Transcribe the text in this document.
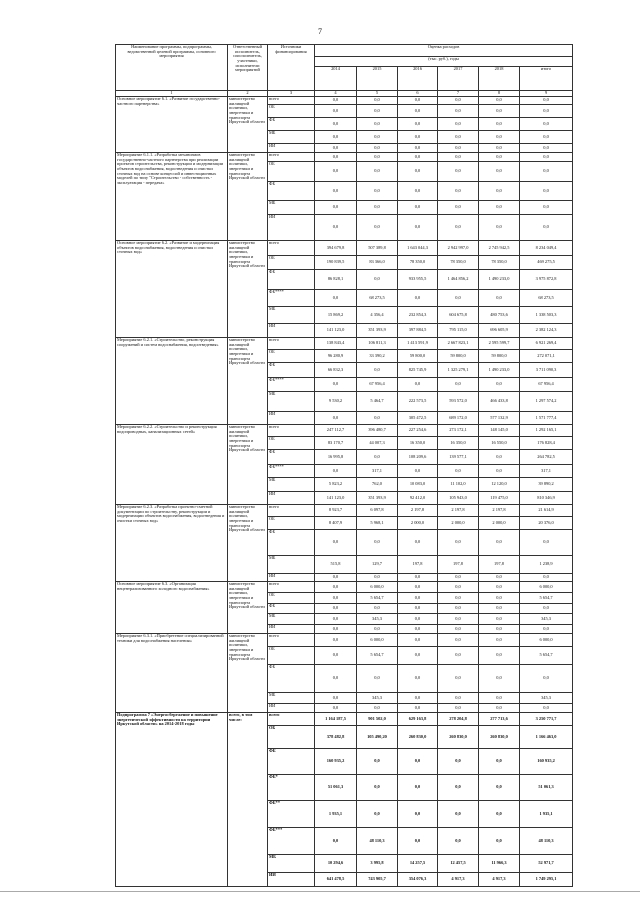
7
Наименование программы, подпрограммы, ведомственной целевой программы, основного мероприятия	Ответственный исполнитель, соисполнитель, участники, исполнители мероприятий	Источники финансирования	Оценка расходов					
			(тыс. руб.), годы					
			2014	2015	2016	2017	2018	итого
1	2	3	4	5	6	7	8	9
Основное мероприятие 6.1. «Развитие государственно-частного партнерства»	министерство жилищной политики, энергетики и транспорта Иркутской области	всего	0,0	0,0	0,0	0,0	0,0	0,0
		ОБ	0,0	0,0	0,0	0,0	0,0	0,0
		ФБ	0,0	0,0	0,0	0,0	0,0	0,0
		МБ	0,0	0,0	0,0	0,0	0,0	0,0
		ИИ	0,0	0,0	0,0	0,0	0,0	0,0
Мероприятие 6.1.1. «Разработка механизмов государственно-частного партнерства при реализации проектов строительства, реконструкции и модернизации объектов водоснабжения, водоотведения и очистки сточных вод на основе концессий и инвестиционных моделей по типу "Строительство - собственность - эксплуатация - передача»	министерство жилищной политики, энергетики и транспорта Иркутской области	всего	0,0	0,0	0,0	0,0	0,0	0,0
		ОБ	0,0	0,0	0,0	0,0	0,0	0,0
		ФБ	0,0	0,0	0,0	0,0	0,0	0,0
		МБ	0,0	0,0	0,0	0,0	0,0	0,0
		ИИ	0,0	0,0	0,0	0,0	0,0	0,0
Основное мероприятие 6.2. «Развитие и модернизация объектов водоснабжения, водоотведения и очистки сточных вод»	министерство жилищной политики, энергетики и транспорта Иркутской области	всего	394 679,8	507 389,8	1 643 044,3	2 942 997,0	2 745 942,5	8 234 049,4
		ОБ	190 839,5	83 366,0	78 350,0	78 350,0	78 350,0	469 275,5
		ФБ	86 828,1	0,0	933 955,5	1 464 856,2	1 490 233,0	3 975 872,8
		ФБ****	0,0	68 273,5	0,0	0,0	0,0	68 273,5
		МБ	15 869,2	4 356,4	232 854,3	604 675,8	480 753,6	1 338 503,3
		ИИ	141 123,0	351 393,9	397 884,5	795 115,0	696 605,9	2 382 124,3
Мероприятие 6.2.1. «Строительство, реконструкция сооружений и систем водоснабжения, водоотведения»	министерство жилищной политики, энергетики и транспорта Иркутской области	всего	138 843,4	106 811,3	1 413 591,9	2 667 823,1	2 595 599,7	6 921 269,4
		ОБ	96 280,9	33 390,2	59 800,0	59 800,0	59 800,0	272 071,1
		ФБ	66 832,3	0,0	825 745,9	1 325 279,1	1 490 233,0	3 711 090,3
		ФБ****	0,0	67 956,4	0,0	0,0	0,0	67 956,4
		МБ	9 530,2	5 464,7	222 573,5	593 572,0	466 433,8	1 297 574,2
		ИИ	0,0	0,0	305 472,5	689 172,0	577 132,9	1 571 777,4
Мероприятие 6.2.2. «Строительство и реконструкция водопроводных, канализационных сетей»	министерство жилищной политики, энергетики и транспорта Иркутской области	всего	247 112,7	396 480,7	227 254,6	273 172,1	148 145,0	1 292 165,1
		ОБ	83 170,7	44 007,3	16 350,0	16 350,0	16 550,0	176 828,4
		ФБ	16 995,8	0,0	108 209,6	139 577,1	0,0	264 782,5
		ФБ****	0,0	317,1	0,0	0,0	0,0	317,1
		МБ	5 823,2	762,0	10 083,0	11 102,0	12 120,0	39 890,2
		ИИ	141 123,0	351 393,9	92 412,0	105 943,0	119 475,0	810 346,9
Мероприятие 6.2.3. «Разработка проектно-сметной документации по строительству, реконструкции и модернизации объектов водоснабжения, водоотведения и очистки сточных вод»	министерство жилищной политики, энергетики и транспорта Иркутской области	всего	8 923,7	6 097,8	2 197,8	2 197,8	2 197,8	21 614,9
		ОБ	8 407,9	5 968,1	2 000,0	2 000,0	2 000,0	20 376,0
		ФБ	0,0	0,0	0,0	0,0	0,0	0,0
		МБ	515,8	129,7	197,8	197,8	197,8	1 238,9
		ИИ	0,0	0,0	0,0	0,0	0,0	0,0
Основное мероприятие 6.3. «Организация нецентрализованного холодного водоснабжения»	министерство жилищной политики, энергетики и транспорта Иркутской области	всего	0,0	6 000,0	0,0	0,0	0,0	6 000,0
		ОБ	0,0	5 654,7	0,0	0,0	0,0	5 654,7
		ФБ	0,0	0,0	0,0	0,0	0,0	0,0
		МБ	0,0	345,3	0,0	0,0	0,0	345,3
		ИИ	0,0	0,0	0,0	0,0	0,0	0,0
Мероприятие 6.3.1. «Приобретение специализированной техники для водоснабжения населения»	министерство жилищной политики, энергетики и транспорта Иркутской области	всего	0,0	6 000,0	0,0	0,0	0,0	6 000,0
		ОБ	0,0	5 654,7	0,0	0,0	0,0	5 654,7
		ФБ	0,0	0,0	0,0	0,0	0,0	0,0
		МБ	0,0	345,3	0,0	0,0	0,0	345,3
		ИИ	0,0	0,0	0,0	0,0	0,0	0,0
Подпрограмма 7 «Энергосбережение и повышение энергетической эффективности на территории Иркутской области» на 2014-2018 годы	всего, в том числе:	всего	1 164 187,5	901 502,0	629 163,8	278 204,8	277 713,6	3 250 771,7
		ОБ	378 482,8	105 490,20	260 830,0	260 830,0	260 830,0	1 166 463,0
		ФБ	160 935,2	0,0	0,0	0,0	0,0	160 935,2
		ФБ*	51 061,3	0,0	0,0	0,0	0,0	51 061,3
		ФБ**	1 935,1	0,0	0,0	0,0	0,0	1 935,1
		ФБ***	0,0	48 110,3	0,0	0,0	0,0	48 110,3
		МБ	10 294,6	3 995,8	14 257,5	12 457,5	11 966,3	52 971,7
		ИИ	641 478,5	743 905,7	354 076,3	4 917,3	4 917,3	1 749 295,1
